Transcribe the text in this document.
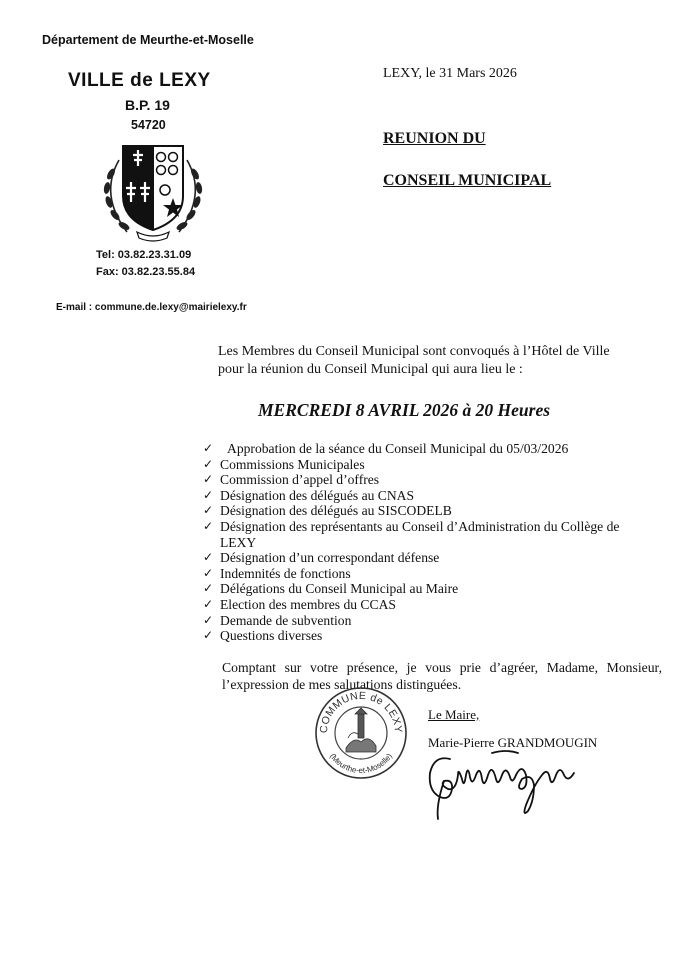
Département de Meurthe-et-Moselle
VILLE de LEXY
B.P. 19
54720
Tel: 03.82.23.31.09
Fax: 03.82.23.55.84
E-mail : commune.de.lexy@mairielexy.fr
LEXY, le 31 Mars 2026
REUNION DU
CONSEIL MUNICIPAL
Les Membres du Conseil Municipal sont convoqués à l’Hôtel de Ville
pour la réunion du Conseil Municipal qui aura lieu le :
MERCREDI 8 AVRIL 2026 à 20 Heures
✓ Approbation de la séance du Conseil Municipal du 05/03/2026
✓ Commissions Municipales
✓ Commission d’appel d’offres
✓ Désignation des délégués au CNAS
✓ Désignation des délégués au SISCODELB
✓ Désignation des représentants au Conseil d’Administration du Collège de LEXY
✓ Désignation d’un correspondant défense
✓ Indemnités de fonctions
✓ Délégations du Conseil Municipal au Maire
✓ Election des membres du CCAS
✓ Demande de subvention
✓ Questions diverses
Comptant sur votre présence, je vous prie d’agréer, Madame, Monsieur, l’expression de mes salutations distinguées.
COMMUNE de LEXY
(Meurthe-et-Moselle)
Le Maire,
Marie-Pierre GRANDMOUGIN
